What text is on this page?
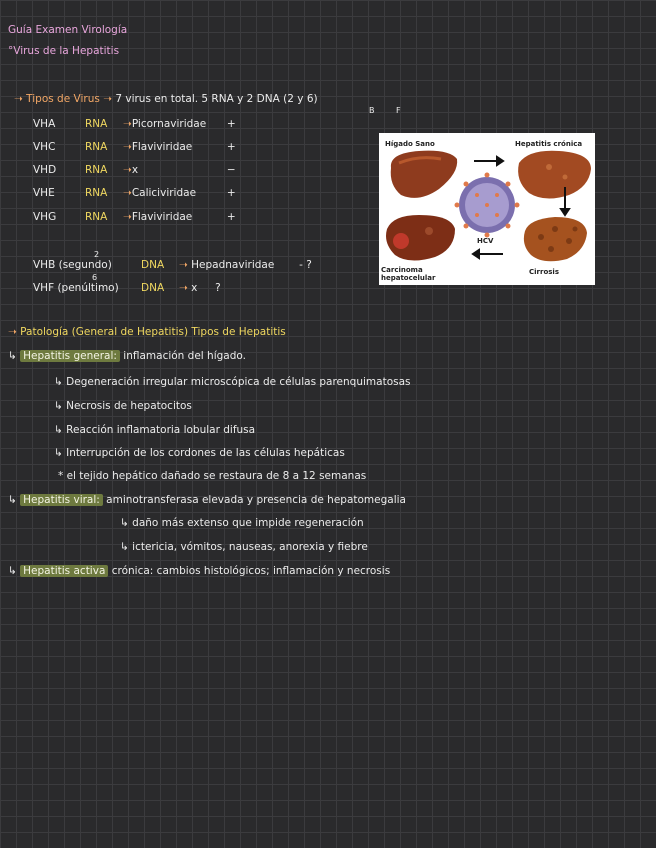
Guía Examen Virología
°Virus de la Hepatitis
➝ Tipos de Virus ➝ 7 virus en total. 5 RNA y 2 DNA (2 y 6)
B	F
VHA	RNA ➝Picornaviridae +
VHC	RNA ➝Flaviviridae	+
VHD	RNA ➝x	−
VHE	RNA ➝Caliciviridae	+
VHG	RNA ➝Flaviviridae	+
2
VHB (segundo)	DNA ➝ Hepadnaviridae - ?
6
VHF (penúltimo) DNA ➝ x ?
Hígado Sano	Hepatitis crónica
HCV
Carcinoma
hepatocelular
Cirrosis
➝ Patología (General de Hepatitis) Tipos de Hepatitis
↳ Hepatitis general: inflamación del hígado.
↳ Degeneración irregular microscópica de células parenquimatosas
↳ Necrosis de hepatocitos
↳ Reacción inflamatoria lobular difusa
↳ Interrupción de los cordones de las células hepáticas
* el tejido hepático dañado se restaura de 8 a 12 semanas
↳ Hepatitis viral: aminotransferasa elevada y presencia de hepatomegalia
↳ daño más extenso que impide regeneración
↳ ictericia, vómitos, nauseas, anorexia y fiebre
↳ Hepatitis activa crónica: cambios histológicos; inflamación y necrosis
